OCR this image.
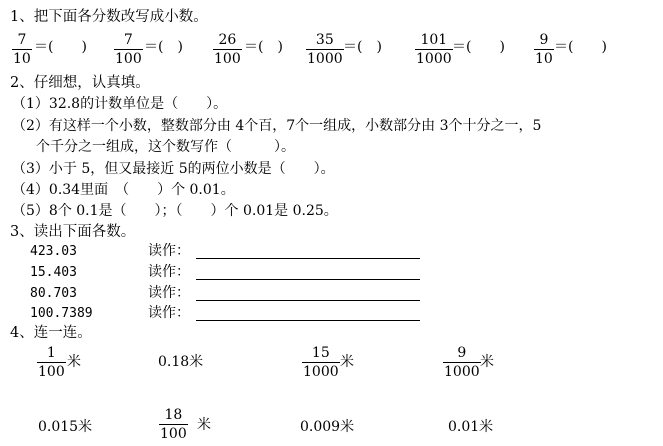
1、把下面各分数改写成小数。
$\frac{7}{10}$ ＝(　　) $\frac{7}{100}$ ＝(　) $\frac{26}{100}$ ＝(　) $\frac{35}{1000}$ ＝(　) $\frac{101}{1000}$ ＝(　　) $\frac{9}{10}$ ＝(　　)
2、仔细想，认真填。
（1）32.8的计数单位是（　　）。
（2）有这样一个小数，整数部分由 4个百，7个一组成，小数部分由 3个十分之一，5
个千分之一组成，这个数写作（　　　）。
（3）小于 5，但又最接近 5的两位小数是（　　）。
（4）0.34里面　（　　）个 0.01。
（5）8个 0.1是（　　）；（　　）个 0.01是 0.25。
3、读出下面各数。
423.03	读作：
15.403	读作：
80.703	读作：
100.7389	读作：
4、连一连。
$\frac{1}{100}$ 米	0.18米	$\frac{15}{1000}$ 米	$\frac{9}{1000}$ 米
0.015米	$\frac{18}{100}$ 米	0.009米	0.01米
